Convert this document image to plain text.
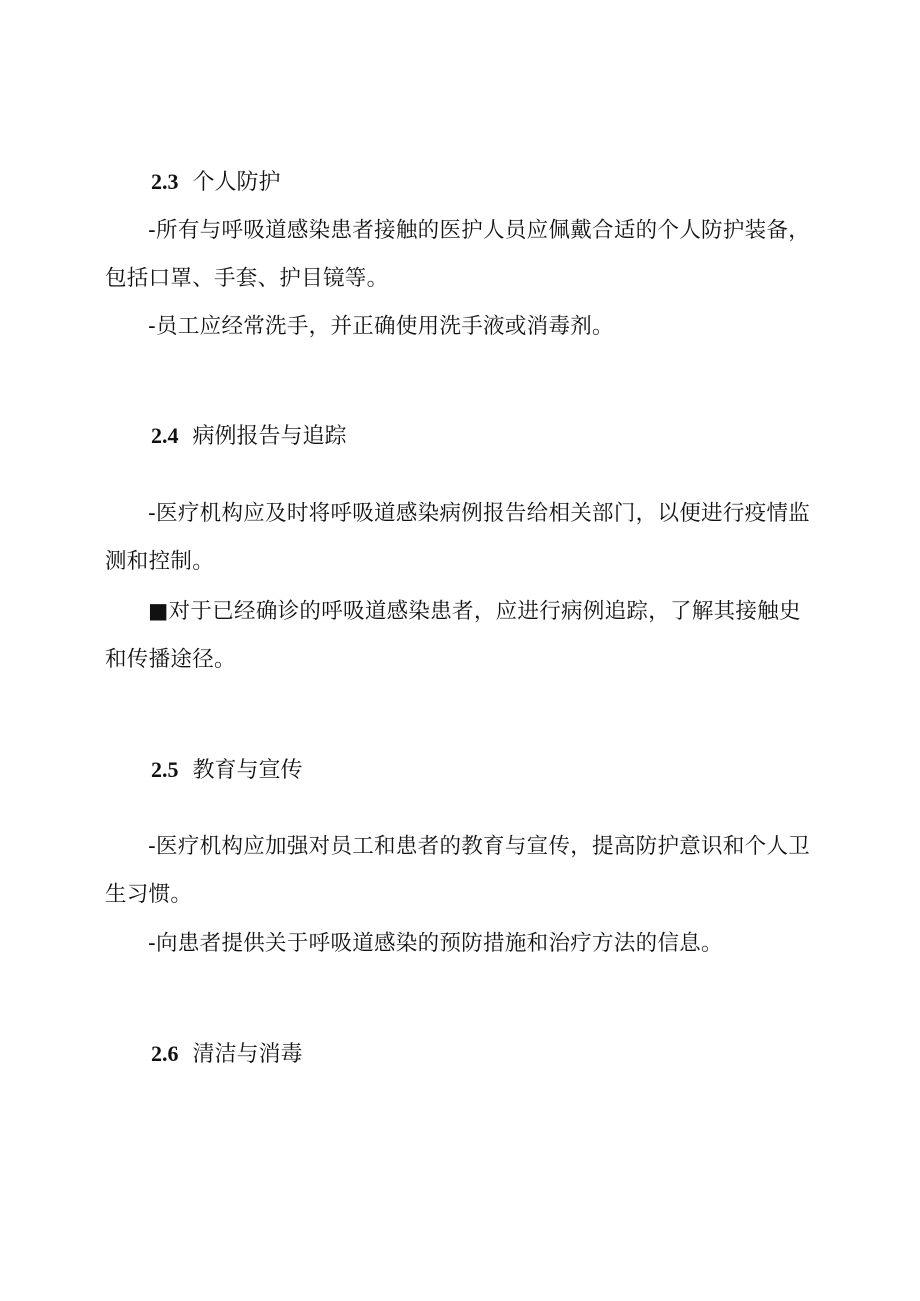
2.3 个人防护

-所有与呼吸道感染患者接触的医护人员应佩戴合适的个人防护装备，包括口罩、手套、护目镜等。

-员工应经常洗手，并正确使用洗手液或消毒剂。

2.4 病例报告与追踪

-医疗机构应及时将呼吸道感染病例报告给相关部门，以便进行疫情监测和控制。

■对于已经确诊的呼吸道感染患者，应进行病例追踪，了解其接触史和传播途径。

2.5 教育与宣传

-医疗机构应加强对员工和患者的教育与宣传，提高防护意识和个人卫生习惯。

-向患者提供关于呼吸道感染的预防措施和治疗方法的信息。

2.6 清洁与消毒
